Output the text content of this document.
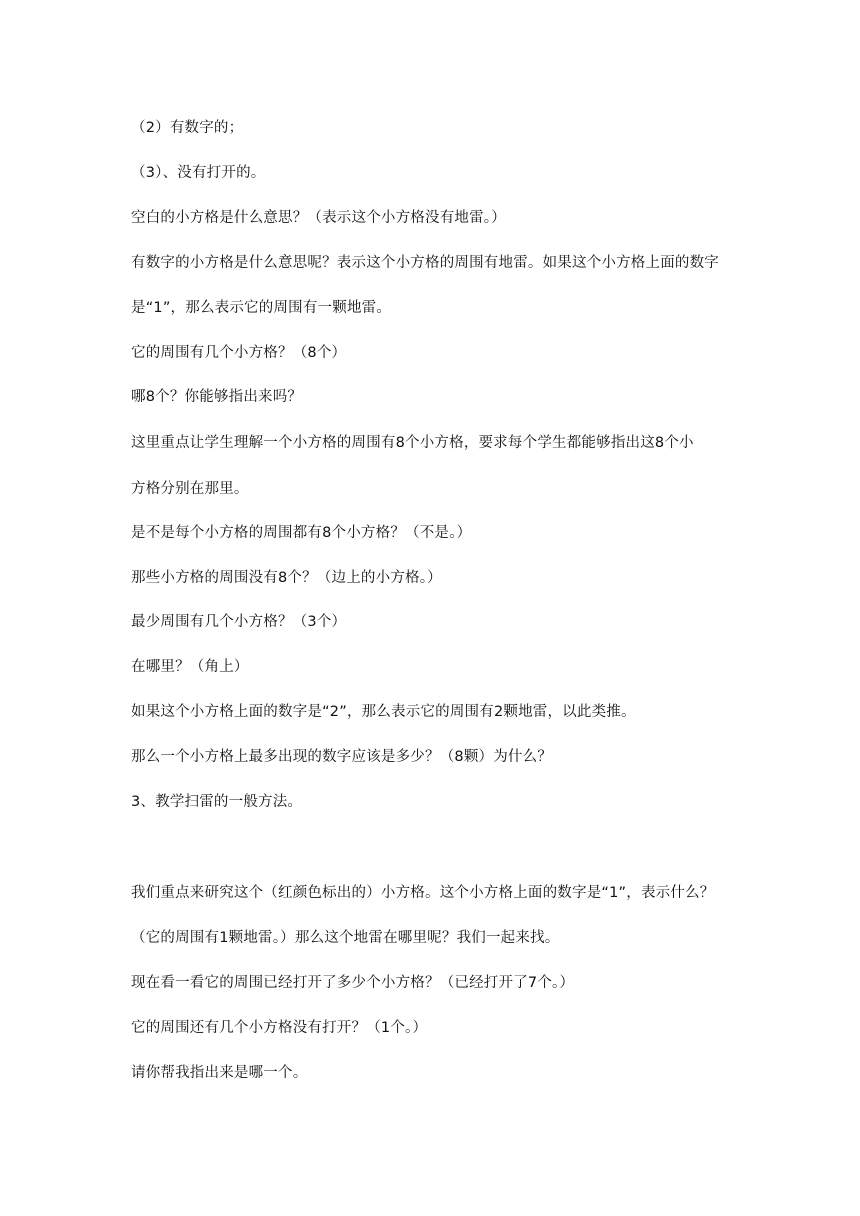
（2）有数字的；

（3）、没有打开的。

空白的小方格是什么意思？（表示这个小方格没有地雷。）

有数字的小方格是什么意思呢？表示这个小方格的周围有地雷。如果这个小方格上面的数字

是“1”，那么表示它的周围有一颗地雷。

它的周围有几个小方格？（8个）

哪8个？你能够指出来吗？

这里重点让学生理解一个小方格的周围有8个小方格，要求每个学生都能够指出这8个小

方格分别在那里。

是不是每个小方格的周围都有8个小方格？（不是。）

那些小方格的周围没有8个？（边上的小方格。）

最少周围有几个小方格？（3个）

在哪里？（角上）

如果这个小方格上面的数字是“2”，那么表示它的周围有2颗地雷，以此类推。

那么一个小方格上最多出现的数字应该是多少？（8颗）为什么？

3、教学扫雷的一般方法。

我们重点来研究这个（红颜色标出的）小方格。这个小方格上面的数字是“1”，表示什么？

（它的周围有1颗地雷。）那么这个地雷在哪里呢？我们一起来找。

现在看一看它的周围已经打开了多少个小方格？（已经打开了7个。）

它的周围还有几个小方格没有打开？（1个。）

请你帮我指出来是哪一个。
